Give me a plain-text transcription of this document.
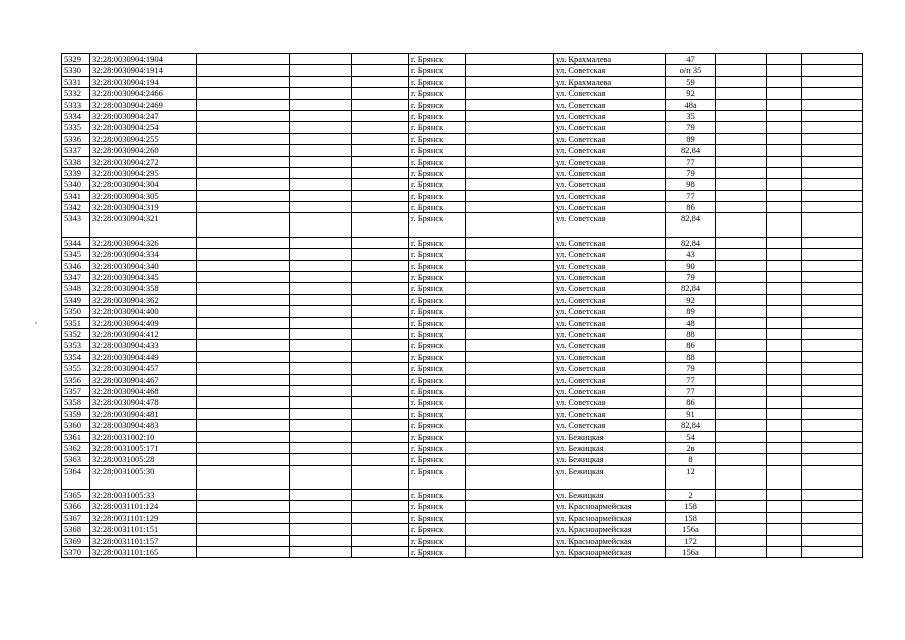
5329	32:28:0030904:1904				г. Брянск		ул. Крахмалева	47			
5330	32:28:0030904:1914				г. Брянск		ул. Советская	о/п 35			
5331	32:28:0030904:194				г. Брянск		ул. Крахмалева	59			
5332	32:28:0030904:2466				г. Брянск		ул. Советская	92			
5333	32:28:0030904:2469				г. Брянск		ул. Советская	48а			
5334	32:28:0030904:247				г. Брянск		ул. Советская	35			
5335	32:28:0030904:254				г. Брянск		ул. Советская	79			
5336	32:28:0030904:255				г. Брянск		ул. Советская	89			
5337	32:28:0030904:260				г. Брянск		ул. Советская	82,84			
5338	32:28:0030904:272				г. Брянск		ул. Советская	77			
5339	32:28:0030904:295				г. Брянск		ул. Советская	79			
5340	32:28:0030904:304				г. Брянск		ул. Советская	98			
5341	32:28:0030904:305				г. Брянск		ул. Советская	77			
5342	32:28:0030904:319				г. Брянск		ул. Советская	86			
5343	32:28:0030904:321				г. Брянск		ул. Советская	82,84			
5344	32:28:0030904:326				г. Брянск		ул. Советская	82,84			
5345	32:28:0030904:334				г. Брянск		ул. Советская	43			
5346	32:28:0030904:340				г. Брянск		ул. Советская	90			
5347	32:28:0030904:345				г. Брянск		ул. Советская	79			
5348	32:28:0030904:358				г. Брянск		ул. Советская	82,84			
5349	32:28:0030904:362				г. Брянск		ул. Советская	92			
5350	32:28:0030904:400				г. Брянск		ул. Советская	89			
5351	32:28:0030904:409				г. Брянск		ул. Советская	48			
5352	32:28:0030904:412				г. Брянск		ул. Советская	88			
5353	32:28:0030904:433				г. Брянск		ул. Советская	86			
5354	32:28:0030904:449				г. Брянск		ул. Советская	88			
5355	32:28:0030904:457				г. Брянск		ул. Советская	79			
5356	32:28:0030904:467				г. Брянск		ул. Советская	77			
5357	32:28:0030904:468				г. Брянск		ул. Советская	77			
5358	32:28:0030904:478				г. Брянск		ул. Советская	86			
5359	32:28:0030904:481				г. Брянск		ул. Советская	91			
5360	32:28:0030904:483				г. Брянск		ул. Советская	82,84			
5361	32:28:0031002:10				г. Брянск		ул. Бежицкая	54			
5362	32:28:0031005:171				г. Брянск		ул. Бежицкая	2в			
5363	32:28:0031005:28				г. Брянск		ул. Бежицкая	8			
5364	32:28:0031005:30				г. Брянск		ул. Бежицкая	12			
5365	32:28:0031005:33				г. Брянск		ул. Бежицкая	2			
5366	32:28:0031101:124				г. Брянск		ул. Красноармейская	158			
5367	32:28:0031101:129				г. Брянск		ул. Красноармейская	158			
5368	32:28:0031101:151				г. Брянск		ул. Красноармейская	156а			
5369	32:28:0031101:157				г. Брянск		ул. Красноармейская	172			
5370	32:28:0031101:165				г. Брянск		ул. Красноармейская	156а			
•
